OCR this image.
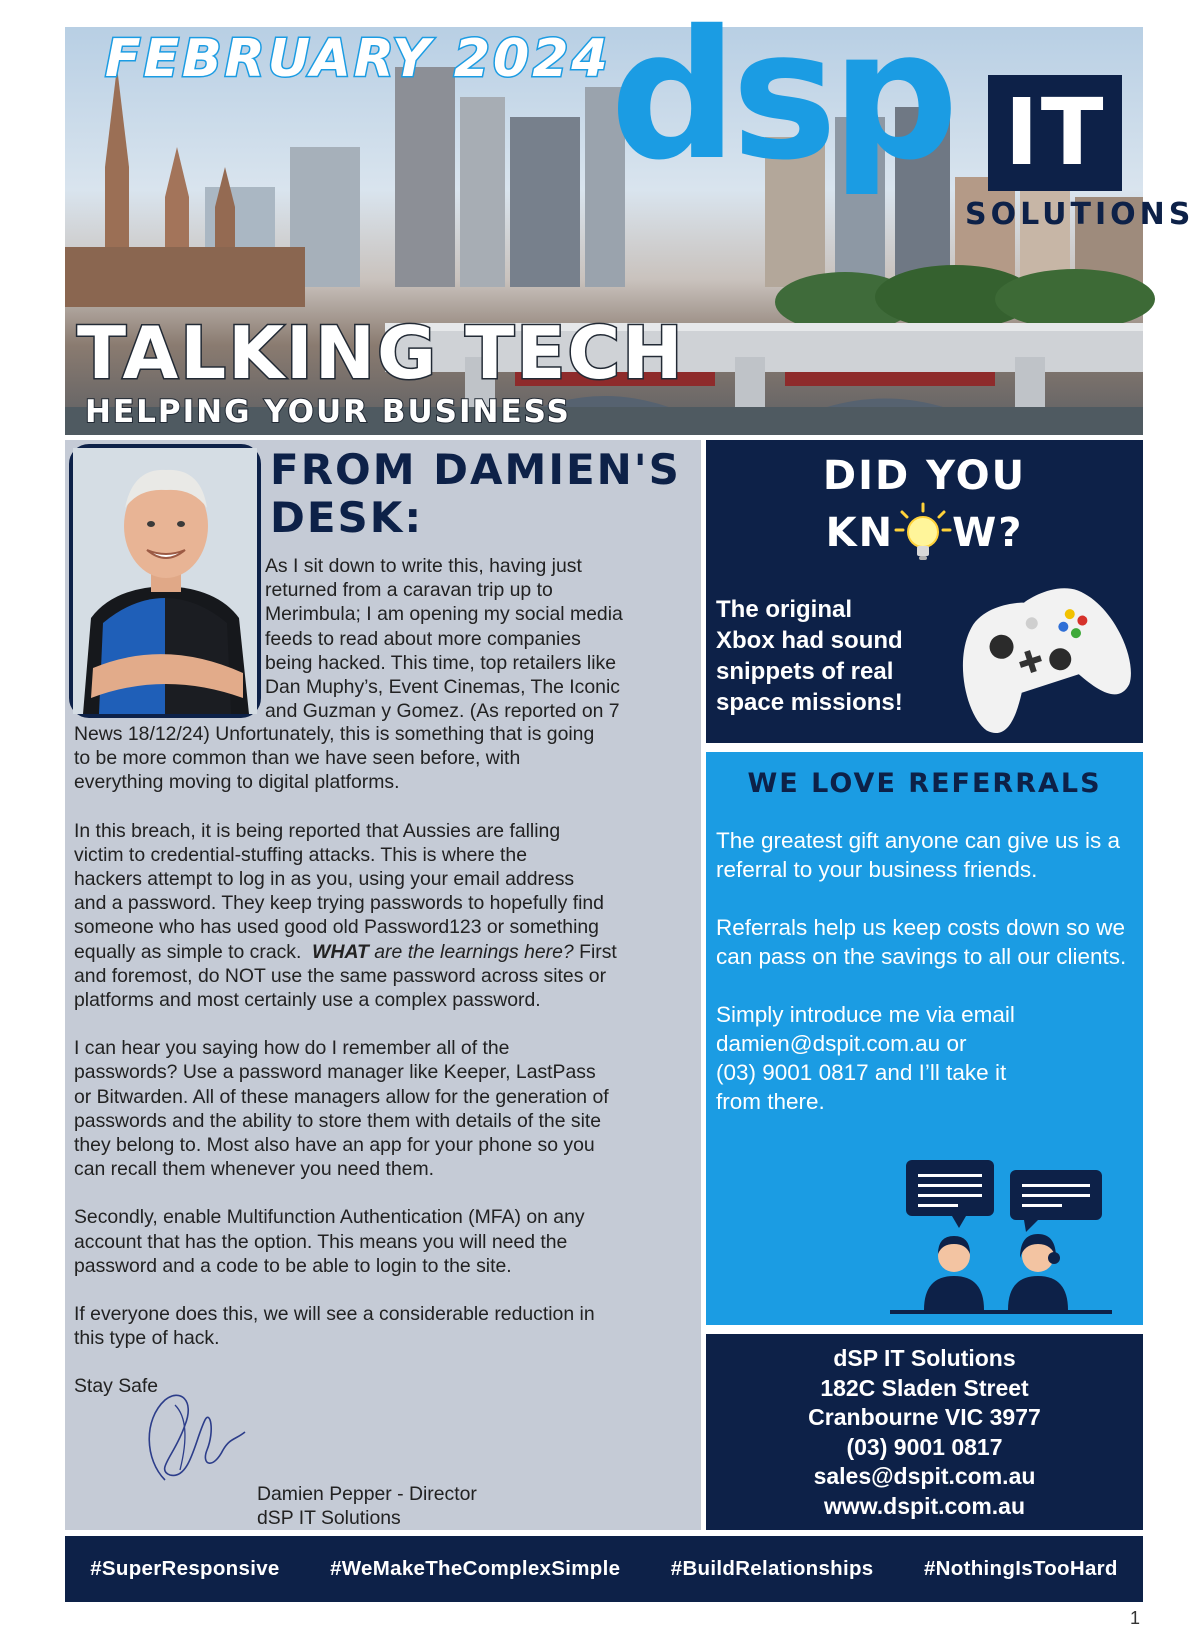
FEBRUARY 2024 dsp IT
SOLUTIONS
TALKING TECH
HELPING YOUR BUSINESS
FROM DAMIEN'S
DESK:
As I sit down to write this, having just
returned from a caravan trip up to
Merimbula; I am opening my social media
feeds to read about more companies
being hacked. This time, top retailers like
Dan Muphy’s, Event Cinemas, The Iconic
and Guzman y Gomez. (As reported on 7

News 18/12/24) Unfortunately, this is something that is going
to be more common than we have seen before, with
everything moving to digital platforms.

In this breach, it is being reported that Aussies are falling
victim to credential-stuffing attacks. This is where the
hackers attempt to log in as you, using your email address
and a password. They keep trying passwords to hopefully find
someone who has used good old Password123 or something
equally as simple to crack.  WHAT are the learnings here? First
and foremost, do NOT use the same password across sites or
platforms and most certainly use a complex password.

I can hear you saying how do I remember all of the
passwords? Use a password manager like Keeper, LastPass
or Bitwarden. All of these managers allow for the generation of
passwords and the ability to store them with details of the site
they belong to. Most also have an app for your phone so you
can recall them whenever you need them.

Secondly, enable Multifunction Authentication (MFA) on any
account that has the option. This means you will need the
password and a code to be able to login to the site.

If everyone does this, we will see a considerable reduction in
this type of hack.

Stay Safe

Damien Pepper - Director
dSP IT Solutions
DID YOU
KN W?
The original
Xbox had sound
snippets of real
space missions!
WE LOVE REFERRALS

The greatest gift anyone can give us is a referral to your business friends.

Referrals help us keep costs down so we can pass on the savings to all our clients.

Simply introduce me via email
damien@dspit.com.au or
(03) 9001 0817 and I’ll take it
from there.

dSP IT Solutions
182C Sladen Street
Cranbourne VIC 3977
(03) 9001 0817
sales@dspit.com.au
www.dspit.com.au
#SuperResponsive #WeMakeTheComplexSimple #BuildRelationships #NothingIsTooHard
1
